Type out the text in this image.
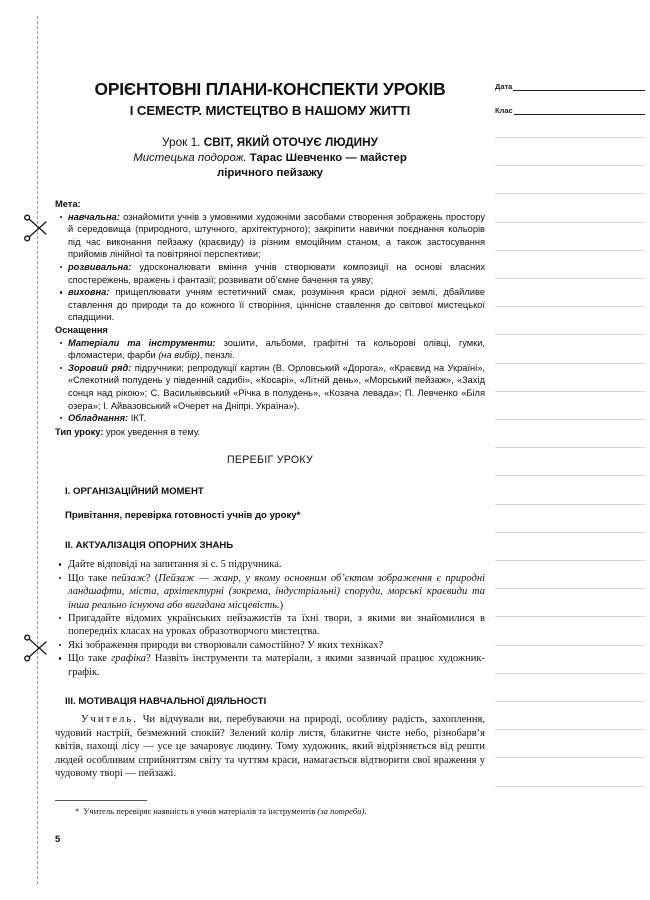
Дата
Клас
ОРІЄНТОВНІ ПЛАНИ-КОНСПЕКТИ УРОКІВ
І СЕМЕСТР. МИСТЕЦТВО В НАШОМУ ЖИТТІ
Урок 1. СВІТ, ЯКИЙ ОТОЧУЄ ЛЮДИНУ
Мистецька подорож. Тарас Шевченко — майстер
ліричного пейзажу

Мета:

навчальна: ознайомити учнів з умовними художніми засобами створення зображень простору й середовища (природного, штучного, архітектурного); закріпити навички поєднання кольорів під час виконання пейзажу (краєвиду) із різним емоційним станом, а також застосування прийомів лінійної та повітряної перспективи;
розвивальна: удосконалювати вміння учнів створювати композиції на основі власних спостережень, вражень і фантазії; розвивати об’ємне бачення та уяву;
виховна: прищеплювати учням естетичний смак, розуміння краси рідної землі, дбайливе ставлення до природи та до кожного її створіння, ціннісне ставлення до світової мистецької спадщини.

Оснащення

Матеріали та інструменти: зошити, альбоми, графітні та кольорові олівці, гумки, фломастери, фарби (на вибір), пензлі.
Зоровий ряд: підручники; репродукції картин (В. Орловський «Дорога», «Краєвид на Україні», «Спекотний полудень у південній садибі», «Косарі», «Літній день», «Морський пейзаж», «Захід сонця над рікою»; С. Васильківський «Річка в полудень», «Козача левада»; П. Левченко «Біля озера»; І. Айвазовський «Очерет на Дніпрі. Україна»).
Обладнання: ІКТ.

Тип уроку: урок уведення в тему.

ПЕРЕБІГ УРОКУ

І. ОРГАНІЗАЦІЙНИЙ МОМЕНТ

Привітання, перевірка готовності учнів до уроку*

ІІ. АКТУАЛІЗАЦІЯ ОПОРНИХ ЗНАНЬ

Дайте відповіді на запитання зі с. 5 підручника.
Що таке пейзаж? (Пейзаж — жанр, у якому основним об’єктом зображення є природні ландшафти, міста, архітектурні (зокрема, індустріальні) споруди, морські краєвиди та інша реально існуюча або вигадана місцевість.)
Пригадайте відомих українських пейзажистів та їхні твори, з якими ви знайомилися в попередніх класах на уроках образотворчого мистецтва.
Які зображення природи ви створювали самостійно? У яких техніках?
Що таке графіка? Назвіть інструменти та матеріали, з якими зазвичай працює художник-графік.

ІІІ. МОТИВАЦІЯ НАВЧАЛЬНОЇ ДІЯЛЬНОСТІ

Учитель. Чи відчували ви, перебуваючи на природі, особливу радість, захоплення, чудовий настрій, безмежний спокій? Зелений колір листя, блакитне чисте небо, різнобарв’я квітів, пахощі лісу — усе це зачаровує людину. Тому художник, який відрізняється від решти людей особливим сприйняттям світу та чуттям краси, намагається відтворити свої враження у чудовому творі — пейзажі.

* Учитель перевіряє наявність в учнів матеріалів та інструментів (за потреби).

5
